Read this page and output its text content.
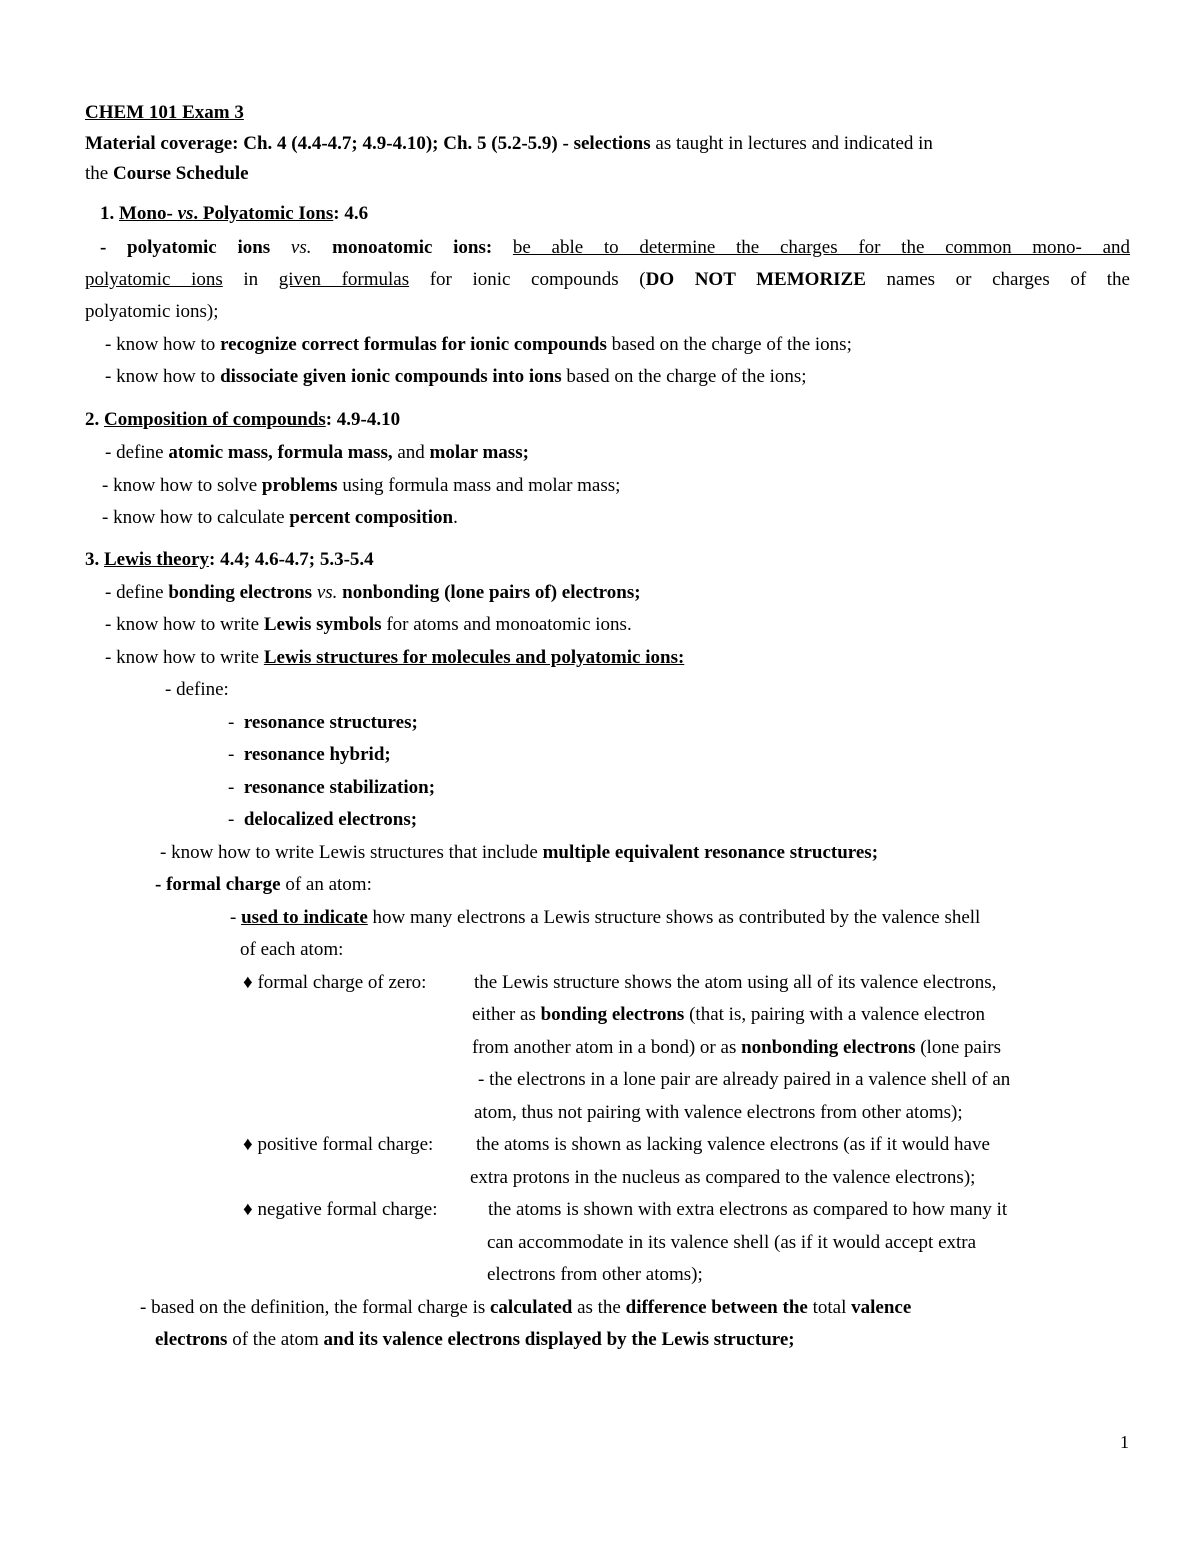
CHEM 101 Exam 3
Material coverage: Ch. 4 (4.4-4.7; 4.9-4.10); Ch. 5 (5.2-5.9) - selections as taught in lectures and indicated in
the Course Schedule
1. Mono- vs. Polyatomic Ions: 4.6
- polyatomic ions vs. monoatomic ions: be able to determine the charges for the common mono- and
polyatomic ions in given formulas for ionic compounds (DO NOT MEMORIZE names or charges of the
polyatomic ions);
- know how to recognize correct formulas for ionic compounds based on the charge of the ions;
- know how to dissociate given ionic compounds into ions based on the charge of the ions;
2. Composition of compounds: 4.9-4.10
- define atomic mass, formula mass, and molar mass;
- know how to solve problems using formula mass and molar mass;
- know how to calculate percent composition.
3. Lewis theory: 4.4; 4.6-4.7; 5.3-5.4
- define bonding electrons vs. nonbonding (lone pairs of) electrons;
- know how to write Lewis symbols for atoms and monoatomic ions.
- know how to write Lewis structures for molecules and polyatomic ions:
- define:
-  resonance structures;
-  resonance hybrid;
-  resonance stabilization;
-  delocalized electrons;
- know how to write Lewis structures that include multiple equivalent resonance structures;
- formal charge of an atom:
- used to indicate how many electrons a Lewis structure shows as contributed by the valence shell
of each atom:
♦ formal charge of zero:	the Lewis structure shows the atom using all of its valence electrons,
either as bonding electrons (that is, pairing with a valence electron
from another atom in a bond) or as nonbonding electrons (lone pairs
- the electrons in a lone pair are already paired in a valence shell of an
atom, thus not pairing with valence electrons from other atoms);
♦ positive formal charge: the atoms is shown as lacking valence electrons (as if it would have
extra protons in the nucleus as compared to the valence electrons);
♦ negative formal charge:	the atoms is shown with extra electrons as compared to how many it
can accommodate in its valence shell (as if it would accept extra
electrons from other atoms);
- based on the definition, the formal charge is calculated as the difference between the total valence
electrons of the atom and its valence electrons displayed by the Lewis structure;
1
